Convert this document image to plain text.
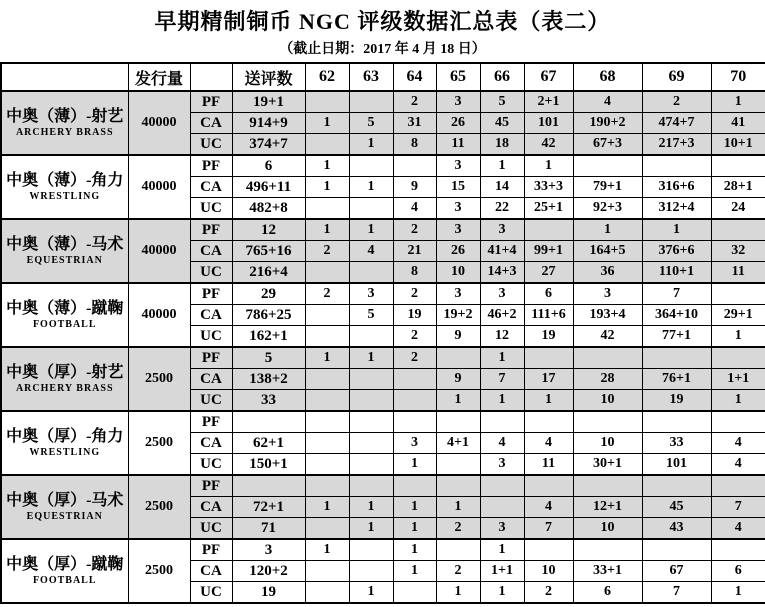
早期精制铜币 NGC 评级数据汇总表（表二）
（截止日期：2017 年 4 月 18 日）
	发行量		送评数	62	63	64	65	66	67	68	69	70

中奥（薄）-射艺
ARCHERY BRASS	40000	PF	19+1			2	3	5	2+1	4	2	1
		CA	914+9	1	5	31	26	45	101	190+2	474+7	41
		UC	374+7		1	8	11	18	42	67+3	217+3	10+1

中奥（薄）-角力
WRESTLING	40000	PF	6	1			3	1	1			
		CA	496+11	1	1	9	15	14	33+3	79+1	316+6	28+1
		UC	482+8			4	3	22	25+1	92+3	312+4	24

中奥（薄）-马术
EQUESTRIAN	40000	PF	12	1	1	2	3	3		1	1	
		CA	765+16	2	4	21	26	41+4	99+1	164+5	376+6	32
		UC	216+4			8	10	14+3	27	36	110+1	11

中奥（薄）-蹴鞠
FOOTBALL	40000	PF	29	2	3	2	3	3	6	3	7	
		CA	786+25		5	19	19+2	46+2	111+6	193+4	364+10	29+1
		UC	162+1			2	9	12	19	42	77+1	1

中奥（厚）-射艺
ARCHERY BRASS	2500	PF	5	1	1	2		1				
		CA	138+2				9	7	17	28	76+1	1+1
		UC	33				1	1	1	10	19	1

中奥（厚）-角力
WRESTLING	2500	PF										
		CA	62+1			3	4+1	4	4	10	33	4
		UC	150+1			1		3	11	30+1	101	4

中奥（厚）-马术
EQUESTRIAN	2500	PF										
		CA	72+1	1	1	1	1		4	12+1	45	7
		UC	71		1	1	2	3	7	10	43	4

中奥（厚）-蹴鞠
FOOTBALL	2500	PF	3	1		1		1				
		CA	120+2			1	2	1+1	10	33+1	67	6
		UC	19		1		1	1	2	6	7	1
